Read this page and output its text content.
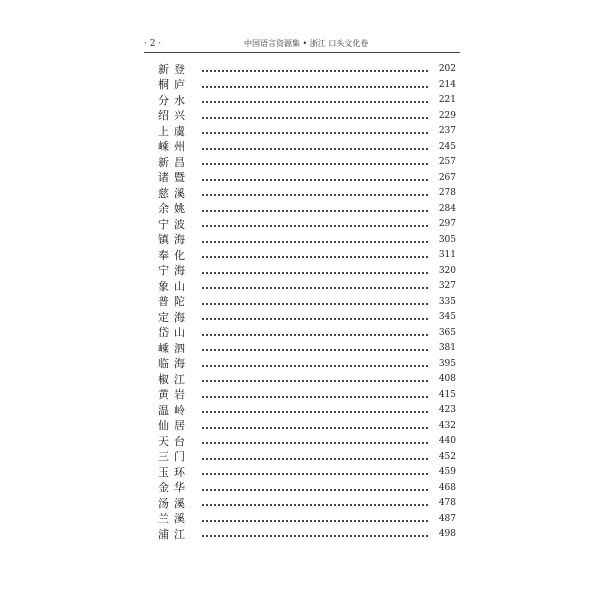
· 2 ·	中国语言资源集 • 浙江 口头文化卷
新登	202
桐庐	214
分水	221
绍兴	229
上虞	237
嵊州	245
新昌	257
诸暨	267
慈溪	278
余姚	284
宁波	297
镇海	305
奉化	311
宁海	320
象山	327
普陀	335
定海	345
岱山	365
嵊泗	381
临海	395
椒江	408
黄岩	415
温岭	423
仙居	432
天台	440
三门	452
玉环	459
金华	468
汤溪	478
兰溪	487
浦江	498
